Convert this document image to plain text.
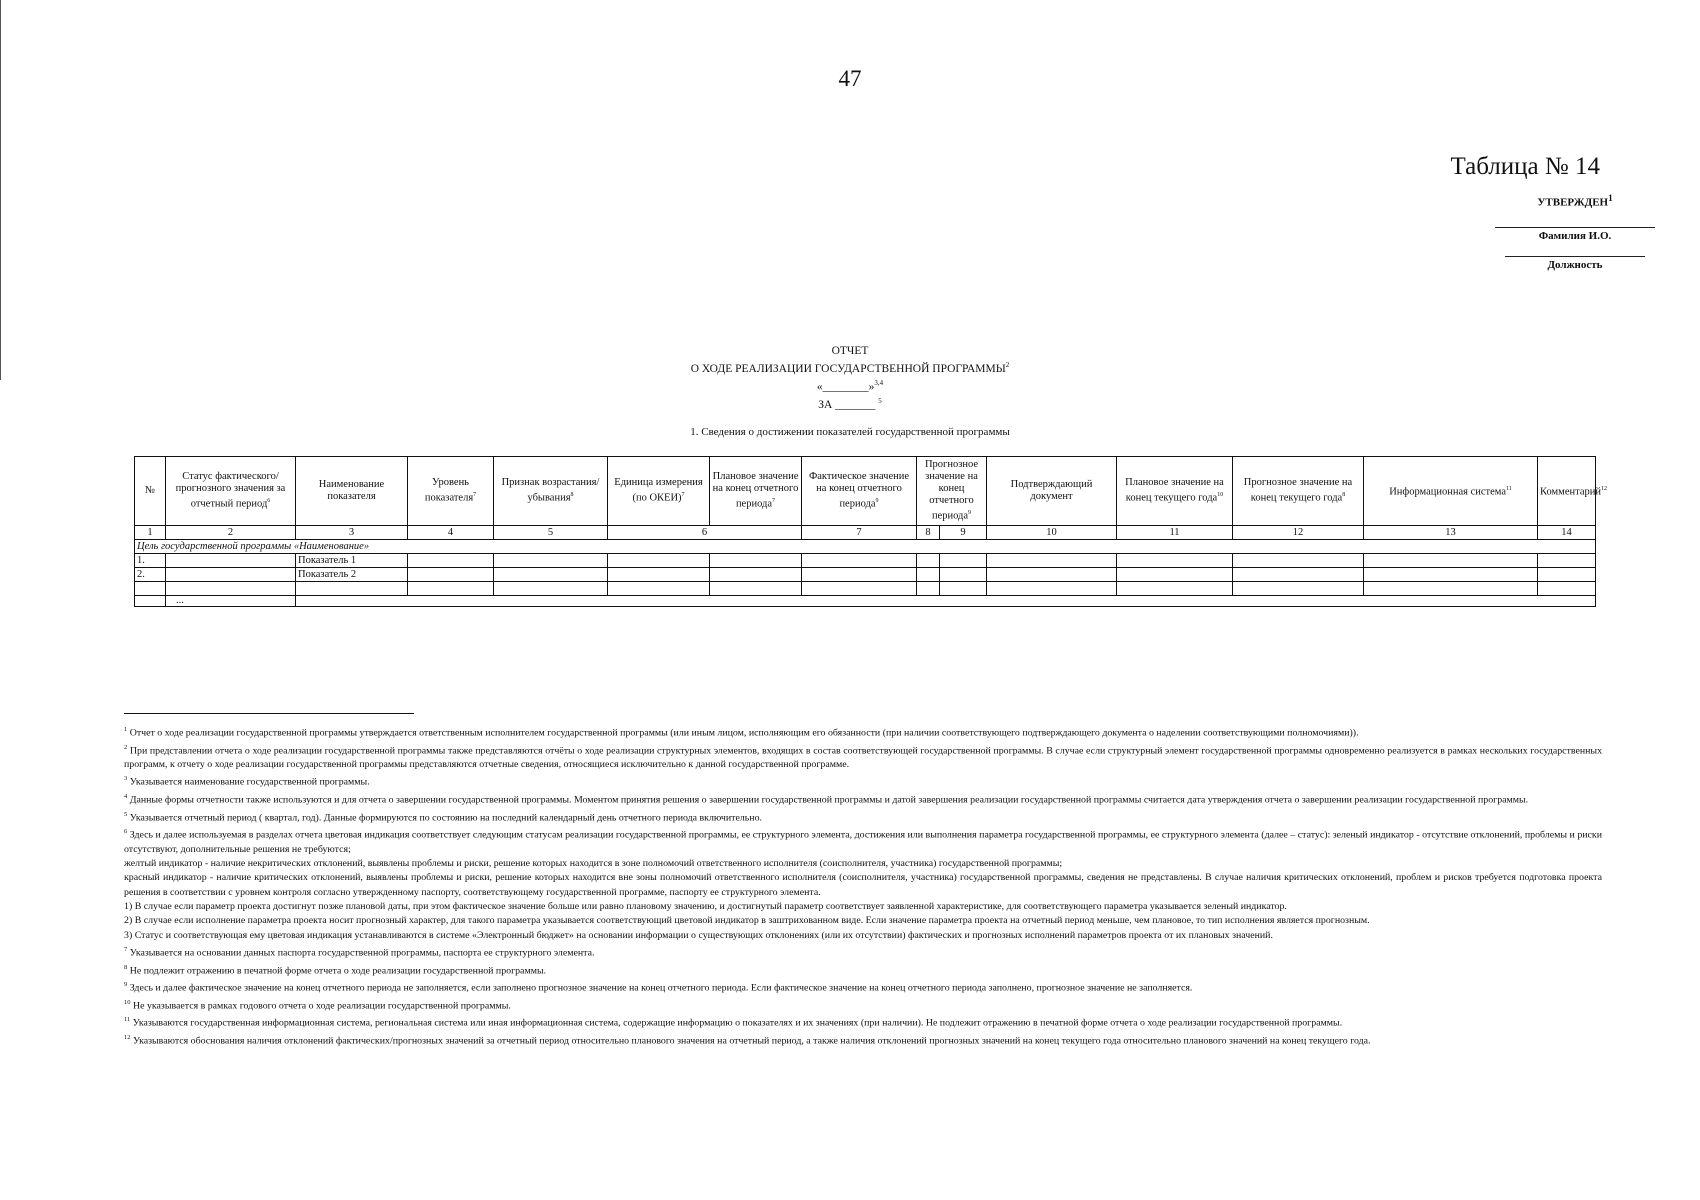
47
Таблица № 14
УТВЕРЖДЕН$^1$
Фамилия И.О.
Должность
ОТЧЕТ
О ХОДЕ РЕАЛИЗАЦИИ ГОСУДАРСТВЕННОЙ ПРОГРАММЫ$^2$
«________»$^{3,4}$
ЗА _______ $^5$
1. Сведения о достижении показателей государственной программы
№	Статус фактического/ прогнозного значения за отчетный период$^6$	Наименование показателя	Уровень показателя$^7$	Признак возрастания/ убывания$^8$	Единица измерения (по ОКЕИ)$^7$	Плановое значение на конец отчетного периода$^7$	Фактическое значение на конец отчетного периода$^9$	Прогнозное значение на конец отчетного периода$^9$		Подтверждающий документ	Плановое значение на конец текущего года$^{10}$	Прогнозное значение на конец текущего года$^8$	Информационная система$^{11}$	Комментарий$^{12}$
1	2	3	4	5	6		7	8	9	10	11	12	13	14
Цель государственной программы «Наименование»														
1.		Показатель 1												
2.		Показатель 2												

	...													

$^1$ Отчет о ходе реализации государственной программы утверждается ответственным исполнителем государственной программы (или иным лицом, исполняющим его обязанности (при наличии соответствующего подтверждающего документа о наделении соответствующими полномочиями)).

$^2$ При представлении отчета о ходе реализации государственной программы также представляются отчёты о ходе реализации структурных элементов, входящих в состав соответствующей государственной программы. В случае если структурный элемент государственной программы одновременно реализуется в рамках нескольких государственных программ, к отчету о ходе реализации государственной программы представляются отчетные сведения, относящиеся исключительно к данной государственной программе.

$^3$ Указывается наименование государственной программы.

$^4$ Данные формы отчетности также используются и для отчета о завершении государственной программы. Моментом принятия решения о завершении государственной программы и датой завершения реализации государственной программы считается дата утверждения отчета о завершении реализации государственной программы.

$^5$ Указывается отчетный период ( квартал, год). Данные формируются по состоянию на последний календарный день отчетного периода включительно.

$^6$ Здесь и далее используемая в разделах отчета цветовая индикация соответствует следующим статусам реализации государственной программы, ее структурного элемента, достижения или выполнения параметра государственной программы, ее структурного элемента (далее – статус): зеленый индикатор - отсутствие отклонений, проблемы и риски отсутствуют, дополнительные решения не требуются;

желтый индикатор - наличие некритических отклонений, выявлены проблемы и риски, решение которых находится в зоне полномочий ответственного исполнителя (соисполнителя, участника) государственной программы;

красный индикатор - наличие критических отклонений, выявлены проблемы и риски, решение которых находится вне зоны полномочий ответственного исполнителя (соисполнителя, участника) государственной программы, сведения не представлены. В случае наличия критических отклонений, проблем и рисков требуется подготовка проекта решения в соответствии с уровнем контроля согласно утвержденному паспорту, соответствующему государственной программе, паспорту ее структурного элемента.

1) В случае если параметр проекта достигнут позже плановой даты, при этом фактическое значение больше или равно плановому значению, и достигнутый параметр соответствует заявленной характеристике, для соответствующего параметра указывается зеленый индикатор.

2) В случае если исполнение параметра проекта носит прогнозный характер, для такого параметра указывается соответствующий цветовой индикатор в заштрихованном виде. Если значение параметра проекта на отчетный период меньше, чем плановое, то тип исполнения является прогнозным.

3) Статус и соответствующая ему цветовая индикация устанавливаются в системе «Электронный бюджет» на основании информации о существующих отклонениях (или их отсутствии) фактических и прогнозных исполнений параметров проекта от их плановых значений.

$^7$ Указывается на основании данных паспорта государственной программы, паспорта ее структурного элемента.

$^8$ Не подлежит отражению в печатной форме отчета о ходе реализации государственной программы.

$^9$ Здесь и далее фактическое значение на конец отчетного периода не заполняется, если заполнено прогнозное значение на конец отчетного периода. Если фактическое значение на конец отчетного периода заполнено, прогнозное значение не заполняется.

$^{10}$ Не указывается в рамках годового отчета о ходе реализации государственной программы.

$^{11}$ Указываются государственная информационная система, региональная система или иная информационная система, содержащие информацию о показателях и их значениях (при наличии). Не подлежит отражению в печатной форме отчета о ходе реализации государственной программы.

$^{12}$ Указываются обоснования наличия отклонений фактических/прогнозных значений за отчетный период относительно планового значения на отчетный период, а также наличия отклонений прогнозных значений на конец текущего года относительно планового значений на конец текущего года.
